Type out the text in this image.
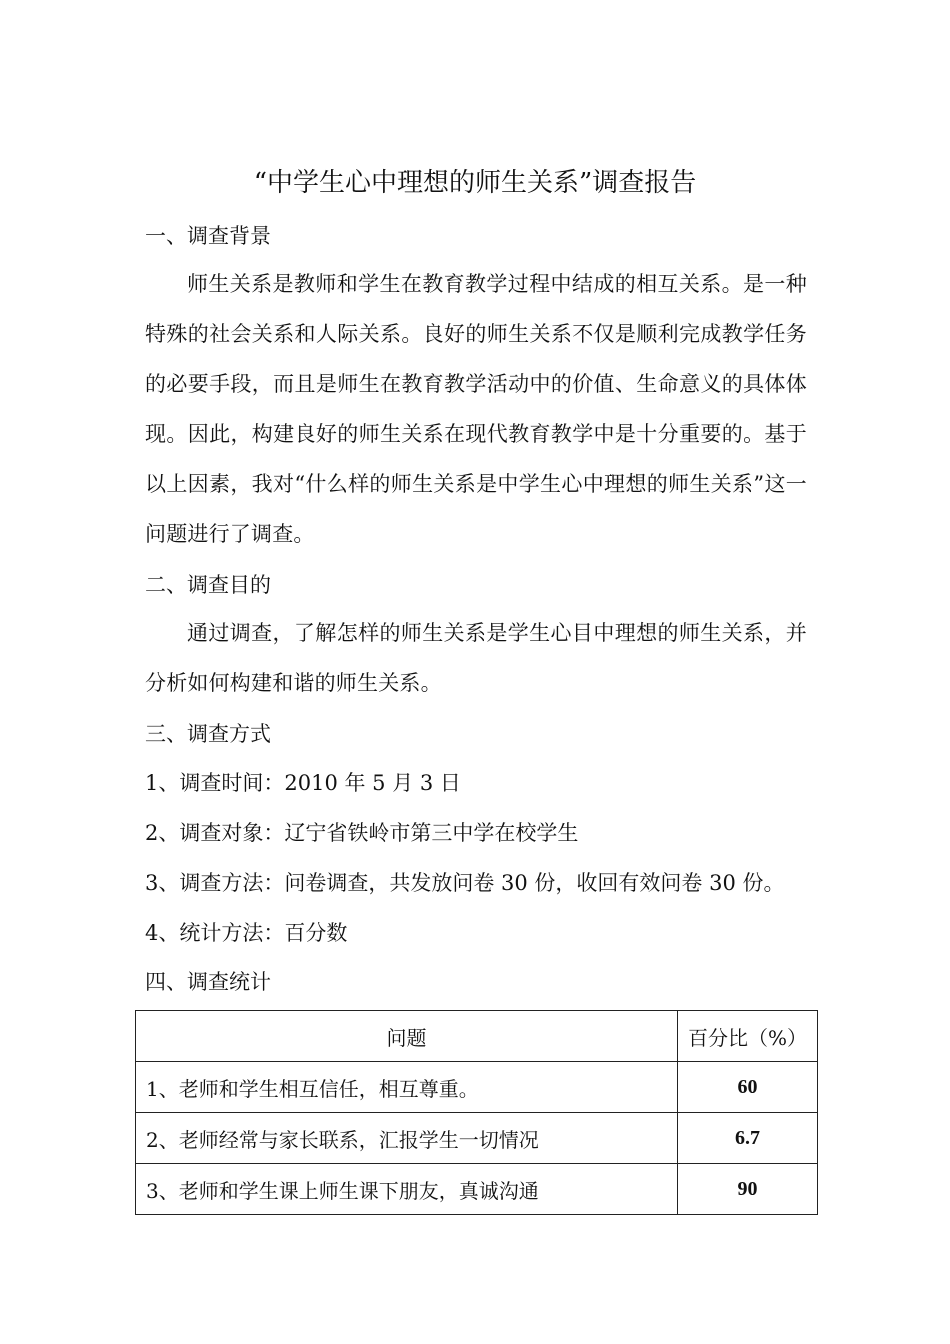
“中学生心中理想的师生关系”调查报告
一、调查背景
师生关系是教师和学生在教育教学过程中结成的相互关系。是一种特殊的社会关系和人际关系。良好的师生关系不仅是顺利完成教学任务的必要手段，而且是师生在教育教学活动中的价值、生命意义的具体体现。因此，构建良好的师生关系在现代教育教学中是十分重要的。基于以上因素，我对“什么样的师生关系是中学生心中理想的师生关系”这一问题进行了调查。
二、调查目的
通过调查，了解怎样的师生关系是学生心目中理想的师生关系，并分析如何构建和谐的师生关系。
三、调查方式
1、调查时间：2010 年 5 月 3 日
2、调查对象：辽宁省铁岭市第三中学在校学生
3、调查方法：问卷调查，共发放问卷 30 份，收回有效问卷 30 份。
4、统计方法：百分数
四、调查统计
问题	百分比（%）
1、老师和学生相互信任，相互尊重。	60
2、老师经常与家长联系，汇报学生一切情况	6.7
3、老师和学生课上师生课下朋友，真诚沟通	90
